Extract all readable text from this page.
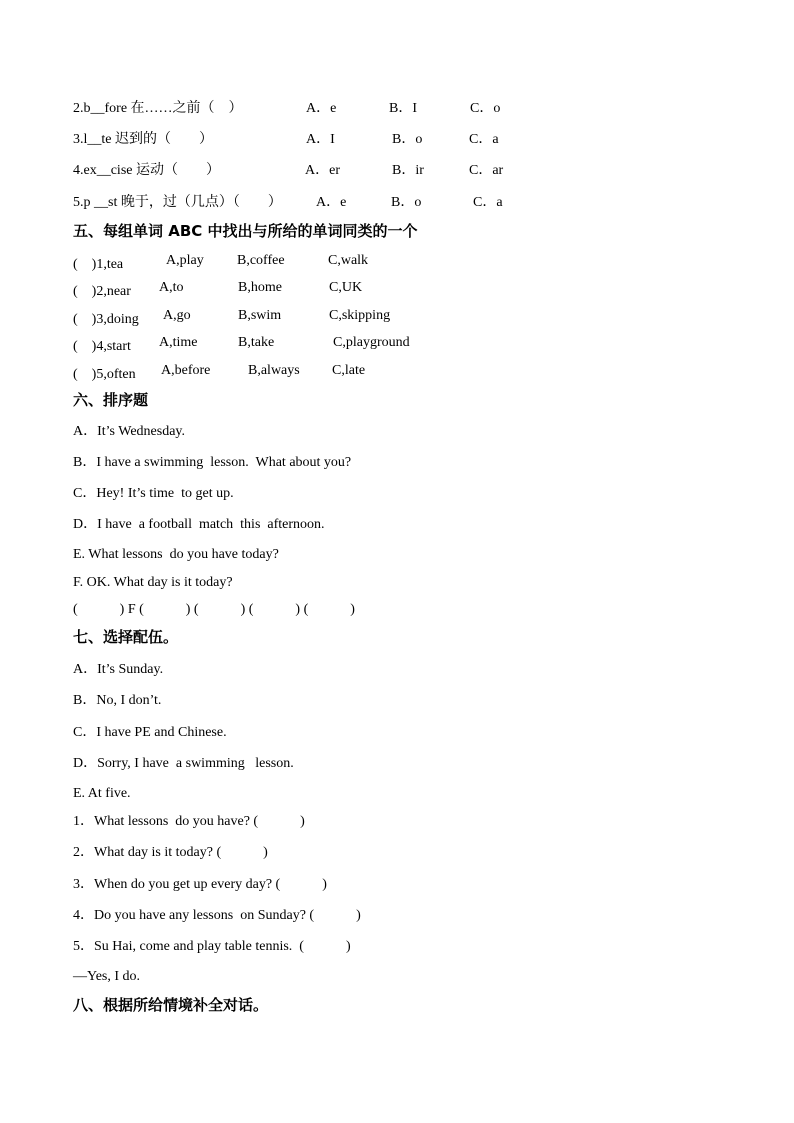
2.b__fore 在……之前（　）	A．e	B．I	C．o
3.l__te 迟到的（　　）	A．I	B．o	C．a
4.ex__cise 运动（　　）	A．er	B．ir	C．ar
5.p __st 晚于，过（几点）（　　） A．e	B．o	C．a
五、每组单词 ABC 中找出与所给的单词同类的一个
(　)1,tea	A,play B,coffee	C,walk
(　)2,near A,to	B,home	C,UK
(　)3,doing A,go	B,swim	C,skipping
(　)4,start A,time	B,take	C,playground
(　)5,often A,before	B,always C,late
六、排序题
A．It’s Wednesday.
B．I have a swimming  lesson.  What about you?
C．Hey! It’s time  to get up.
D．I have  a football  match  this  afternoon.
E. What lessons  do you have today?
F. OK. What day is it today?
(　　　) F (　　　) (　　　) (　　　) (　　　)
七、选择配伍。
A．It’s Sunday.
B．No, I don’t.
C．I have PE and Chinese.
D．Sorry, I have  a swimming   lesson.
E. At five.
1．What lessons  do you have? (　　　)
2．What day is it today? (　　　)
3．When do you get up every day? (　　　)
4．Do you have any lessons  on Sunday? (　　　)
5．Su Hai, come and play table tennis.  (　　　)
—Yes, I do.
八、根据所给情境补全对话。
